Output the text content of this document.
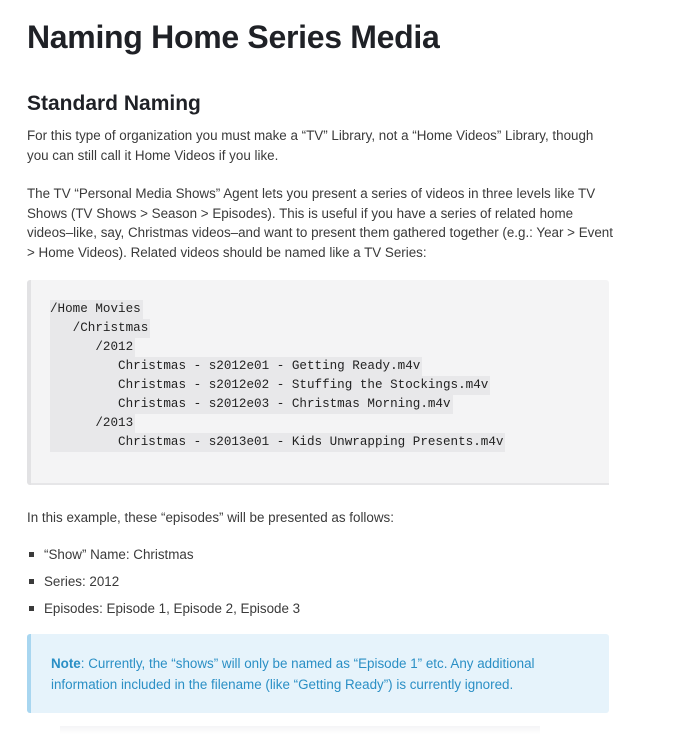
Naming Home Series Media
Standard Naming

For this type of organization you must make a “TV” Library, not a “Home Videos” Library, though you can still call it Home Videos if you like.

The TV “Personal Media Shows” Agent lets you present a series of videos in three levels like TV Shows (TV Shows > Season > Episodes). This is useful if you have a series of related home videos–like, say, Christmas videos–and want to present them gathered together (e.g.: Year > Event > Home Videos). Related videos should be named like a TV Series:

/Home Movies
/Christmas
/2012
Christmas - s2012e01 - Getting Ready.m4v
Christmas - s2012e02 - Stuffing the Stockings.m4v
Christmas - s2012e03 - Christmas Morning.m4v
/2013
Christmas - s2013e01 - Kids Unwrapping Presents.m4v

In this example, these “episodes” will be presented as follows:

“Show” Name: Christmas
Series: 2012
Episodes: Episode 1, Episode 2, Episode 3

Note: Currently, the “shows” will only be named as “Episode 1” etc. Any additional information included in the filename (like “Getting Ready”) is currently ignored.
